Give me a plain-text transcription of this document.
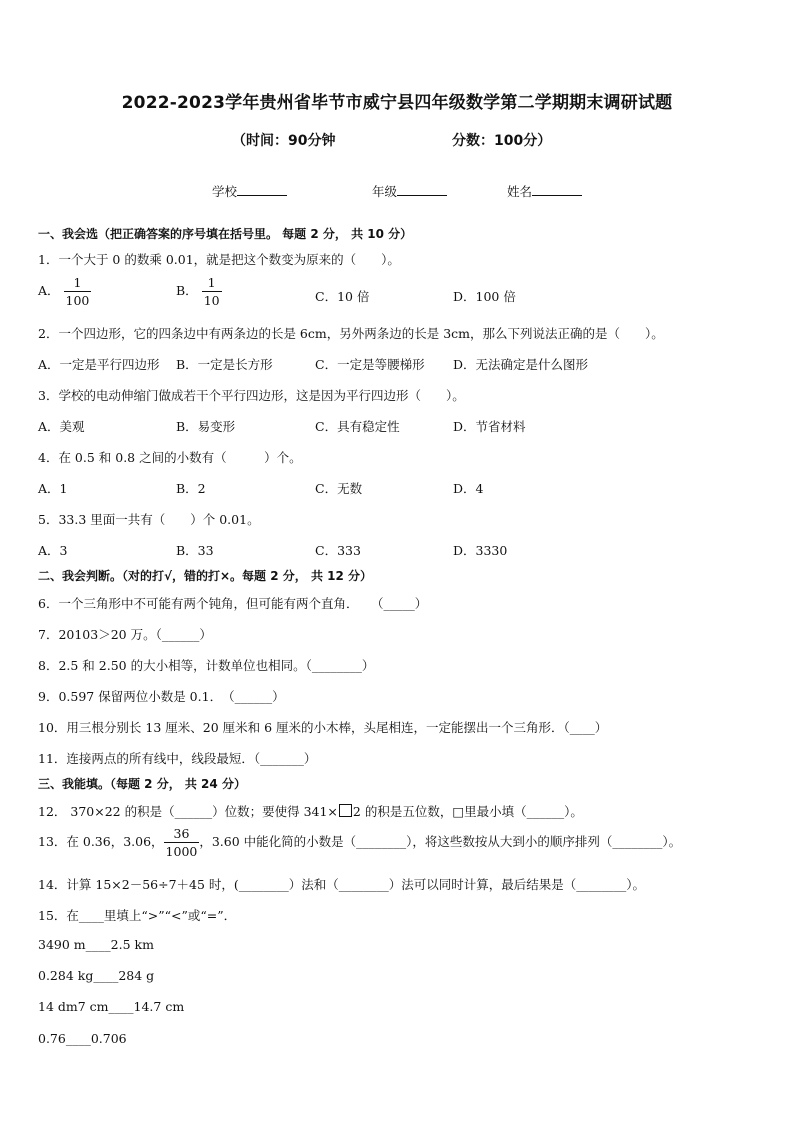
2022-2023学年贵州省毕节市威宁县四年级数学第二学期期末调研试题
（时间：90分钟	分数：100分）
学校	年级	姓名
一、我会选（把正确答案的序号填在括号里。 每题 2 分， 共 10 分）
1．一个大于 0 的数乘 0.01，就是把这个数变为原来的（　　）。
A． $\frac{1}{100}$	B． $\frac{1}{10}$	C．10 倍	D．100 倍
2．一个四边形，它的四条边中有两条边的长是 6cm，另外两条边的长是 3cm，那么下列说法正确的是（　　）。
A．一定是平行四边形 B．一定是长方形	C．一定是等腰梯形 D．无法确定是什么图形
3．学校的电动伸缩门做成若干个平行四边形，这是因为平行四边形（　　）。
A．美观	B．易变形	C．具有稳定性	D．节省材料
4．在 0.5 和 0.8 之间的小数有（　　　）个。
A．1	B．2	C．无数	D．4
5．33.3 里面一共有（　　）个 0.01。
A．3	B．33	C．333	D．3330
二、我会判断。（对的打√，错的打×。每题 2 分， 共 12 分）
6．一个三角形中不可能有两个钝角，但可能有两个直角．　　（_____）
7．20103＞20 万。（______）
8．2.5 和 2.50 的大小相等，计数单位也相同。（________）
9．0.597 保留两位小数是 0.1．　（______）
10．用三根分别长 13 厘米、20 厘米和 6 厘米的小木棒，头尾相连，一定能摆出一个三角形．（____）
11．连接两点的所有线中，线段最短．（_______）
三、我能填。（每题 2 分， 共 24 分）
12． 370×22 的积是（______）位数；要使得 341× 2 的积是五位数，□里最小填（______）。
13．在 0.36，3.06， $\frac{36}{1000}$ ，3.60 中能化简的小数是（________），将这些数按从大到小的顺序排列（________）。
14．计算 15×2－56÷7＋45 时，(________）法和（________）法可以同时计算，最后结果是（________）。
15．在____里填上“>”“<”或“=”．
3490 m____2.5 km
0.284 kg____284 g
14 dm7 cm____14.7 cm
0.76____0.706
